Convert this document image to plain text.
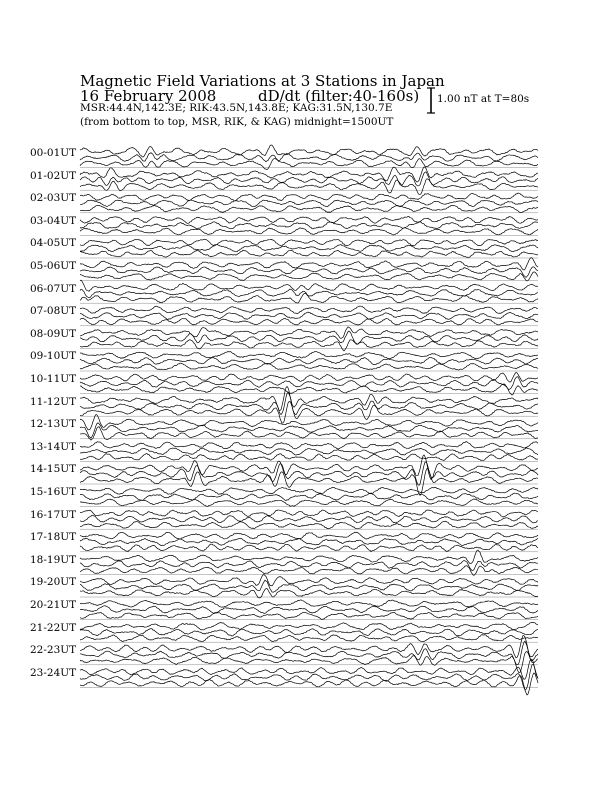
Magnetic Field Variations at 3 Stations in Japan
16 February 2008	dD/dt (filter:40-160s)
MSR:44.4N,142.3E; RIK:43.5N,143.8E; KAG:31.5N,130.7E
(from bottom to top, MSR, RIK, & KAG) midnight=1500UT
1.00 nT at T=80s
00-01UT
01-02UT
02-03UT
03-04UT
04-05UT
05-06UT
06-07UT
07-08UT
08-09UT
09-10UT
10-11UT
11-12UT
12-13UT
13-14UT
14-15UT
15-16UT
16-17UT
17-18UT
18-19UT
19-20UT
20-21UT
21-22UT
22-23UT
23-24UT
